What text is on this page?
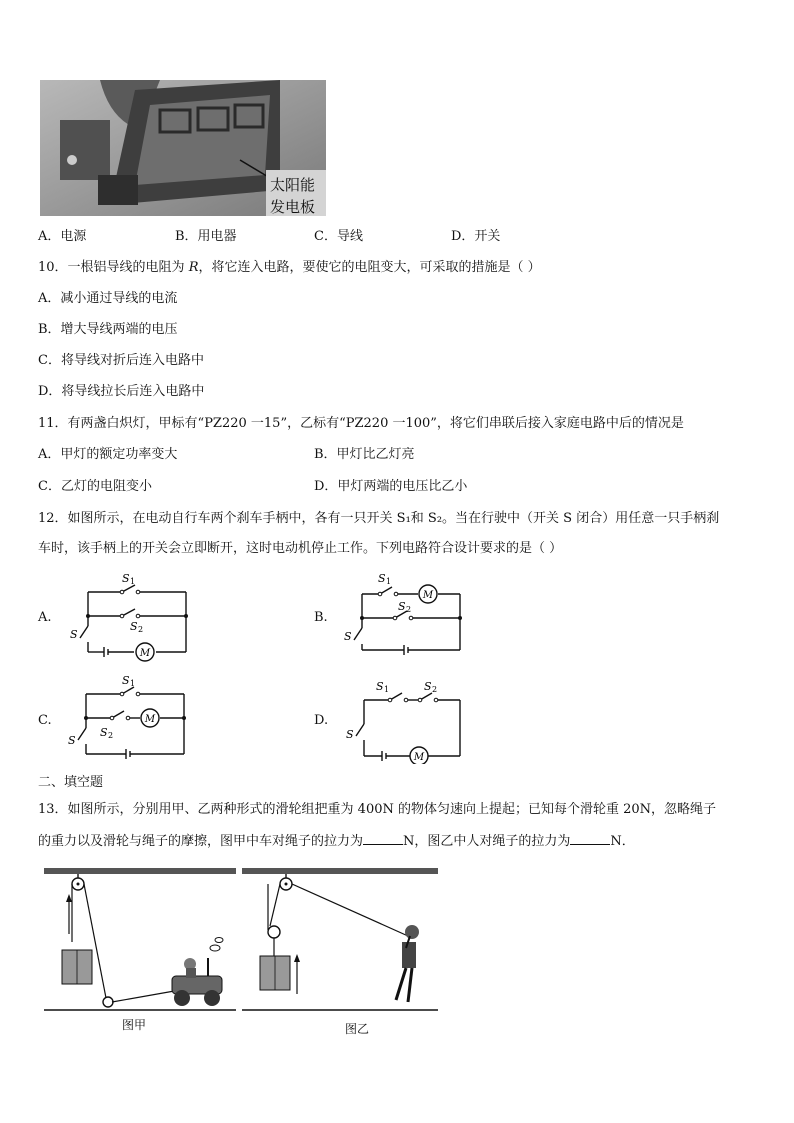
太阳能
发电板
A．电源	B．用电器	C．导线	D．开关
10．一根铝导线的电阻为 R，将它连入电路，要使它的电阻变大，可采取的措施是（ ）
A．减小通过导线的电流
B．增大导线两端的电压
C．将导线对折后连入电路中
D．将导线拉长后连入电路中
11．有两盏白炽灯，甲标有“PZ220 一15”，乙标有“PZ220 一100”，将它们串联后接入家庭电路中后的情况是
A．甲灯的额定功率变大	B．甲灯比乙灯亮
C．乙灯的电阻变小	D．甲灯两端的电压比乙小
12．如图所示，在电动自行车两个刹车手柄中，各有一只开关 S₁和 S₂。当在行驶中（开关 S 闭合）用任意一只手柄刹
车时，该手柄上的开关会立即断开，这时电动机停止工作。下列电路符合设计要求的是（ ）
A.	B.
C.	D.
M
S 1
S 2
S
M
S 1
S 2
S
M
S 1
S 2
S
M
S 1	S 2
S
二、填空题
13．如图所示，分别用甲、乙两种形式的滑轮组把重为 400N 的物体匀速向上提起；已知每个滑轮重 20N，忽略绳子
的重力以及滑轮与绳子的摩擦，图甲中车对绳子的拉力为	N，图乙中人对绳子的拉力为	N．
图甲	图乙
